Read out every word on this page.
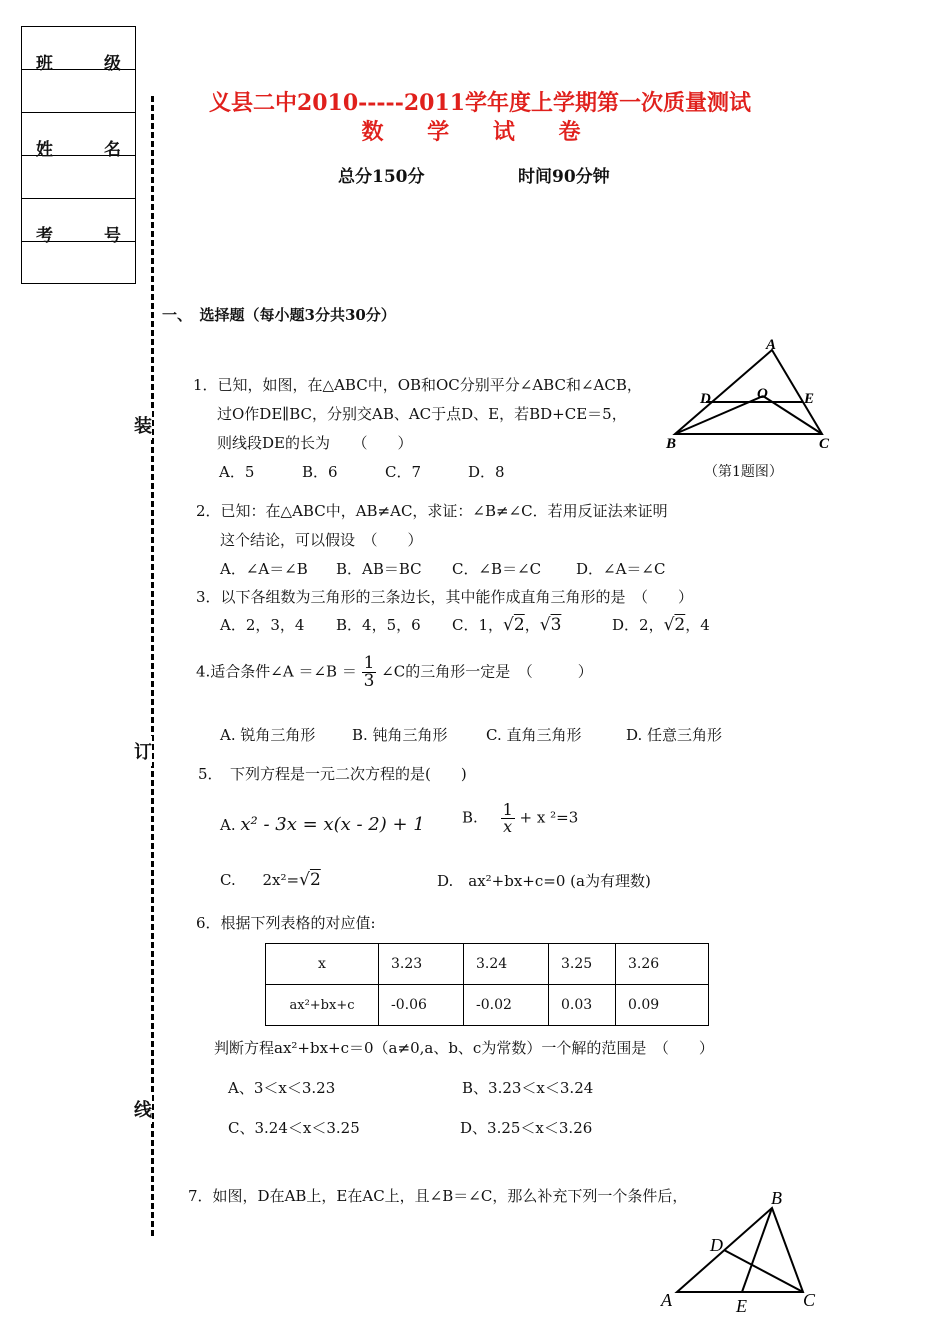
班　　　级
姓　　　名
考　　　号
装
订
线
义县二中2010-----2011学年度上学期第一次质量测试
数 学 试 卷
总分150分	时间90分钟
一、　选择题（每小题3分共30分）
1．已知，如图，在△ABC中，OB和OC分别平分∠ABC和∠ACB，
过O作DE∥BC，分别交AB、AC于点D、E，若BD+CE＝5，
则线段DE的长为　　（　　）
A．5	B．6	C．7	D．8
A
D	O E
B	C
（第1题图）
2．已知：在△ABC中，AB≠AC，求证：∠B≠∠C．若用反证法来证明
这个结论，可以假设　（　　）
A．∠A＝∠B B．AB＝BC C．∠B＝∠C D．∠A＝∠C
3．以下各组数为三角形的三条边长，其中能作成直角三角形的是　（　　）
A．2，3，4 B．4，5，6 C．1，√2，√3	D．2，√2，4
4.适合条件∠A ＝∠B ＝ $\frac{1}{3}$ ∠C的三角形一定是　（　　　）
A. 锐角三角形 B. 钝角三角形	C. 直角三角形	D. 任意三角形
5．　下列方程是一元二次方程的是(　　)
A. x² - 3x = x(x - 2) + 1 B. $\frac{1}{x} + x$ ²=3
C. 2x²=√2	D.　ax²+bx+c=0 (a为有理数)
6．根据下列表格的对应值:
x	3.23	3.24	3.25	3.26
ax²+bx+c	-0.06	-0.02	0.03	0.09
判断方程ax²+bx+c＝0（a≠0,a、b、c为常数）一个解的范围是　（　　）
A、3＜x＜3.23	B、3.23＜x＜3.24
C、3.24＜x＜3.25	D、3.25＜x＜3.26
7．如图，D在AB上，E在AC上，且∠B＝∠C，那么补充下列一个条件后，	B
D
A	E	C
